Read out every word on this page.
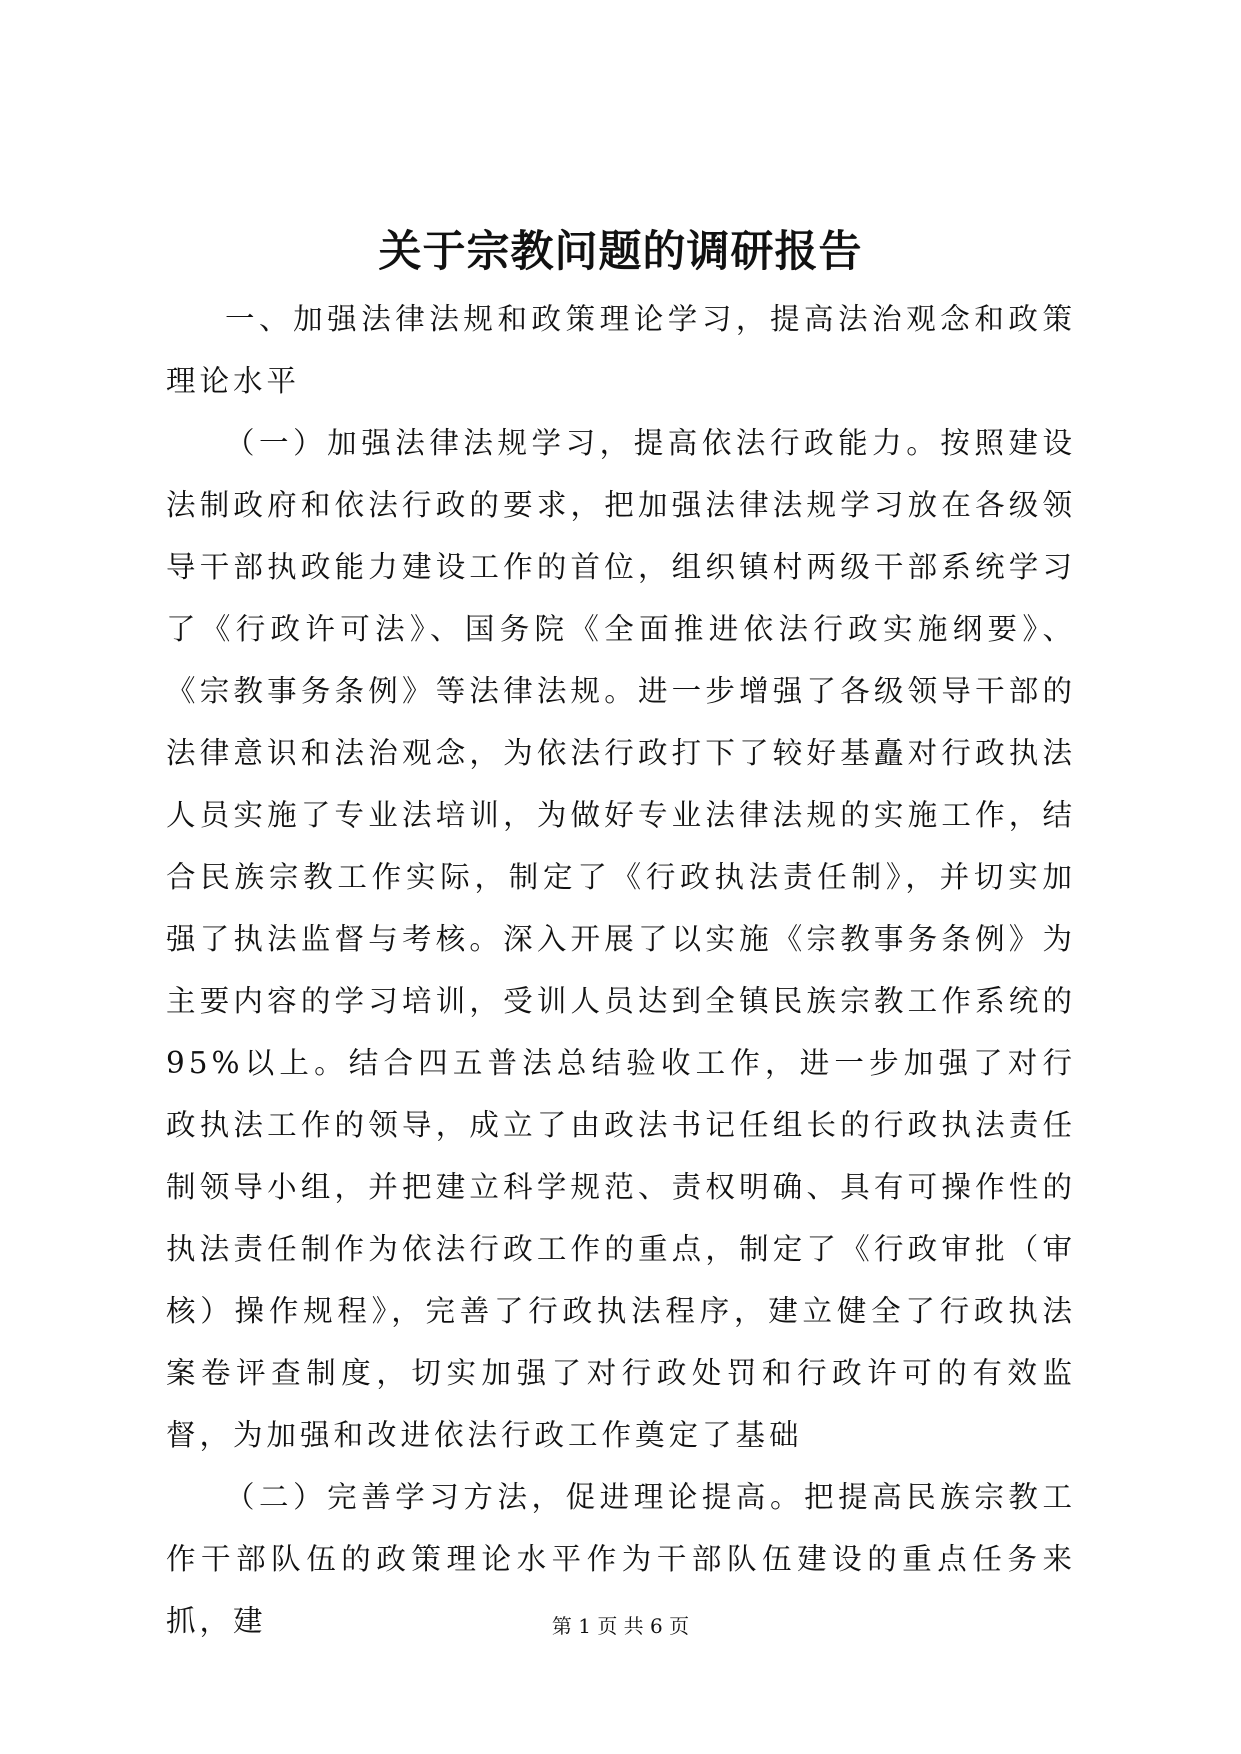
关于宗教问题的调研报告

一、加强法律法规和政策理论学习，提高法治观念和政策理论水平

（一）加强法律法规学习，提高依法行政能力。按照建设法制政府和依法行政的要求，把加强法律法规学习放在各级领导干部执政能力建设工作的首位，组织镇村两级干部系统学习了《行政许可法》、国务院《全面推进依法行政实施纲要》、《宗教事务条例》等法律法规。进一步增强了各级领导干部的法律意识和法治观念，为依法行政打下了较好基矗对行政执法人员实施了专业法培训，为做好专业法律法规的实施工作，结合民族宗教工作实际，制定了《行政执法责任制》，并切实加强了执法监督与考核。深入开展了以实施《宗教事务条例》为主要内容的学习培训，受训人员达到全镇民族宗教工作系统的95%以上。结合四五普法总结验收工作，进一步加强了对行政执法工作的领导，成立了由政法书记任组长的行政执法责任制领导小组，并把建立科学规范、责权明确、具有可操作性的执法责任制作为依法行政工作的重点，制定了《行政审批（审核）操作规程》，完善了行政执法程序，建立健全了行政执法案卷评查制度，切实加强了对行政处罚和行政许可的有效监督，为加强和改进依法行政工作奠定了基础

（二）完善学习方法，促进理论提高。把提高民族宗教工作干部队伍的政策理论水平作为干部队伍建设的重点任务来抓，建	第 1 页 共 6 页
